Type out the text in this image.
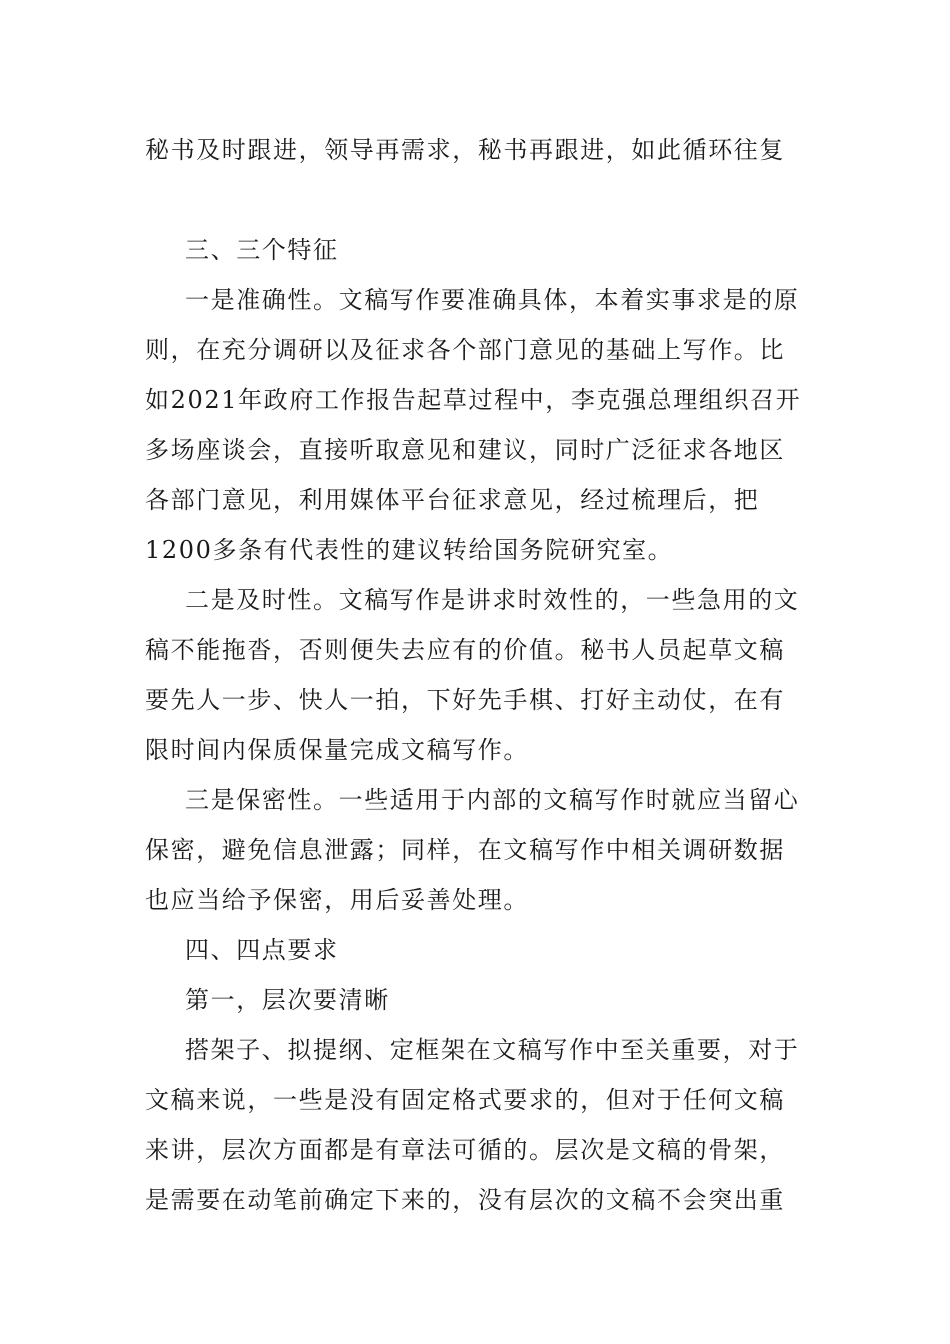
秘书及时跟进，领导再需求，秘书再跟进，如此循环往复

三、三个特征

一是准确性。文稿写作要准确具体，本着实事求是的原

则，在充分调研以及征求各个部门意见的基础上写作。比

如2021年政府工作报告起草过程中，李克强总理组织召开

多场座谈会，直接听取意见和建议，同时广泛征求各地区

各部门意见，利用媒体平台征求意见，经过梳理后，把

1200多条有代表性的建议转给国务院研究室。

二是及时性。文稿写作是讲求时效性的，一些急用的文

稿不能拖沓，否则便失去应有的价值。秘书人员起草文稿

要先人一步、快人一拍，下好先手棋、打好主动仗，在有

限时间内保质保量完成文稿写作。

三是保密性。一些适用于内部的文稿写作时就应当留心

保密，避免信息泄露；同样，在文稿写作中相关调研数据

也应当给予保密，用后妥善处理。

四、四点要求

第一，层次要清晰

搭架子、拟提纲、定框架在文稿写作中至关重要，对于

文稿来说，一些是没有固定格式要求的，但对于任何文稿

来讲，层次方面都是有章法可循的。层次是文稿的骨架，

是需要在动笔前确定下来的，没有层次的文稿不会突出重
